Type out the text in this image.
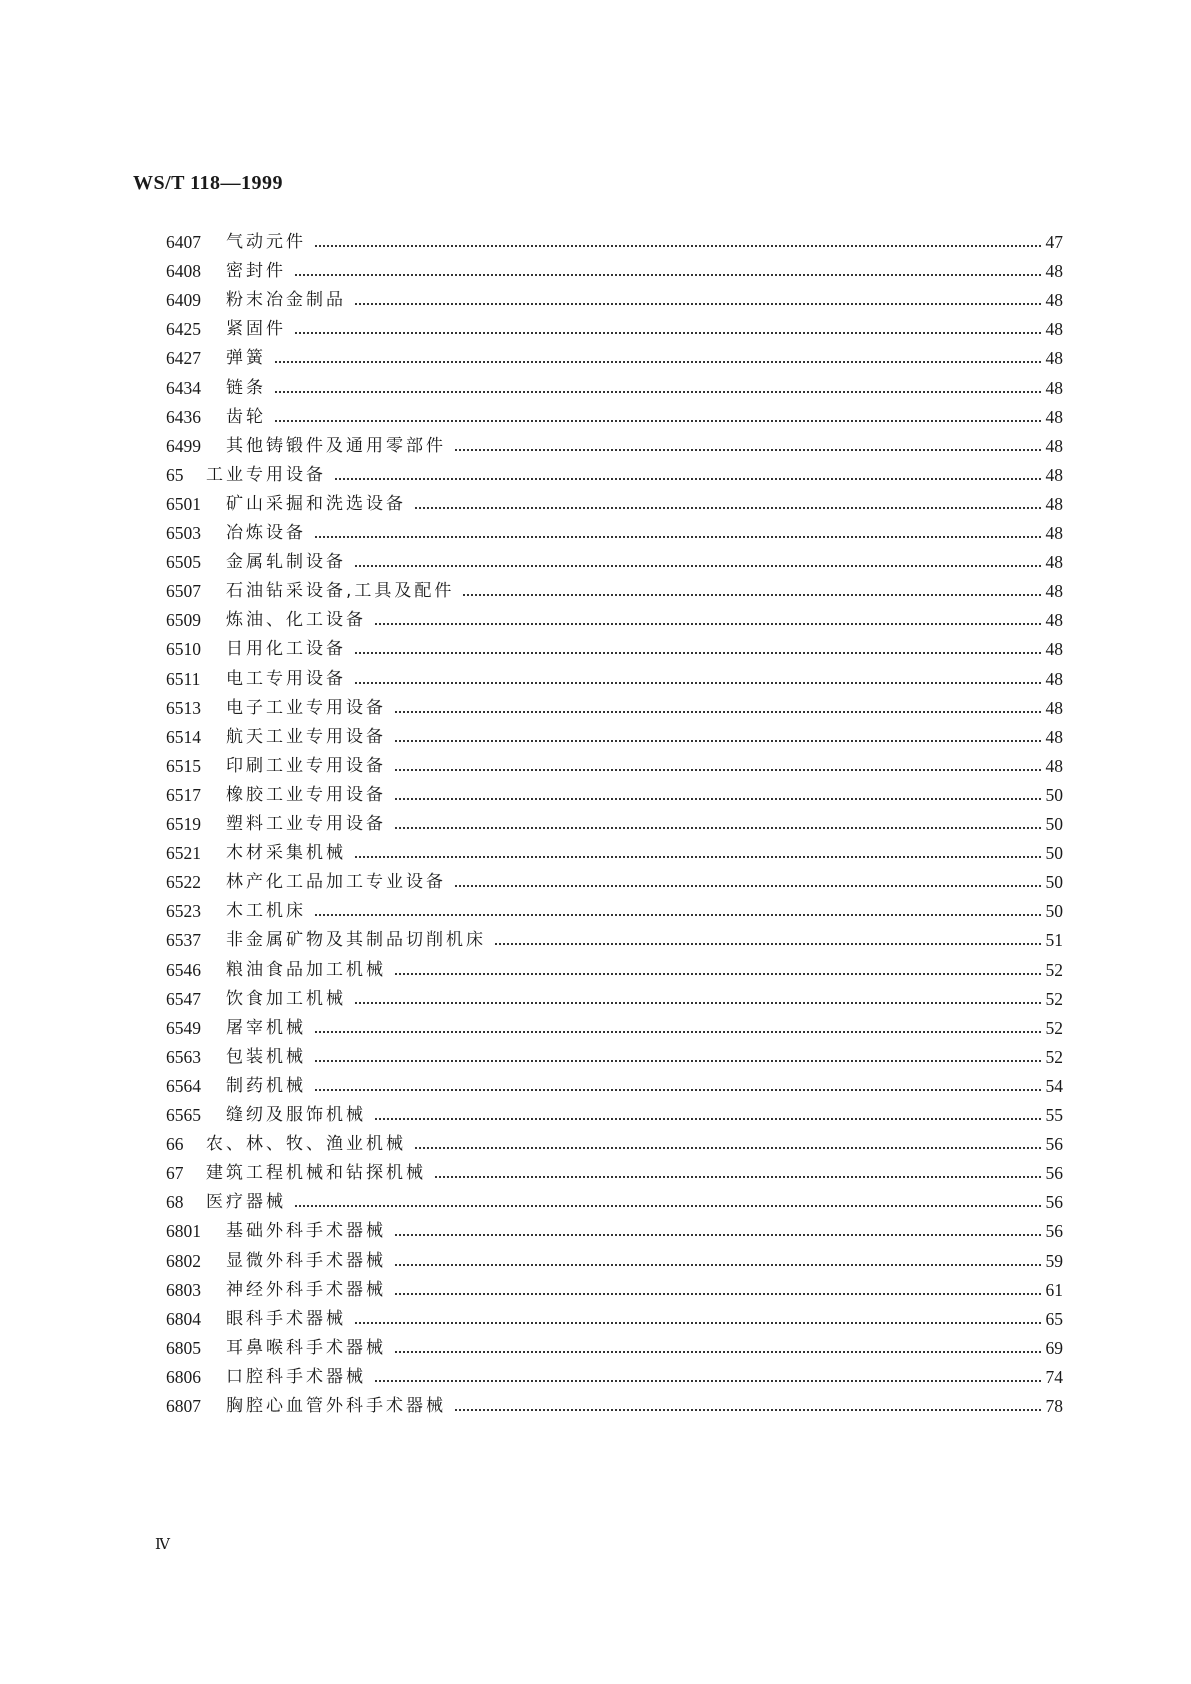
WS/T 118—1999
6407 气动元件	47
6408 密封件	48
6409 粉末冶金制品	48
6425 紧固件	48
6427 弹簧	48
6434 链条	48
6436 齿轮	48
6499 其他铸锻件及通用零部件	48
65 工业专用设备	48
6501 矿山采掘和洗选设备	48
6503 冶炼设备	48
6505 金属轧制设备	48
6507 石油钻采设备,工具及配件	48
6509 炼油、化工设备	48
6510 日用化工设备	48
6511 电工专用设备	48
6513 电子工业专用设备	48
6514 航天工业专用设备	48
6515 印刷工业专用设备	48
6517 橡胶工业专用设备	50
6519 塑料工业专用设备	50
6521 木材采集机械	50
6522 林产化工品加工专业设备	50
6523 木工机床	50
6537 非金属矿物及其制品切削机床	51
6546 粮油食品加工机械	52
6547 饮食加工机械	52
6549 屠宰机械	52
6563 包装机械	52
6564 制药机械	54
6565 缝纫及服饰机械	55
66 农、林、牧、渔业机械	56
67 建筑工程机械和钻探机械	56
68 医疗器械	56
6801 基础外科手术器械	56
6802 显微外科手术器械	59
6803 神经外科手术器械	61
6804 眼科手术器械	65
6805 耳鼻喉科手术器械	69
6806 口腔科手术器械	74
6807 胸腔心血管外科手术器械	78
Ⅳ
